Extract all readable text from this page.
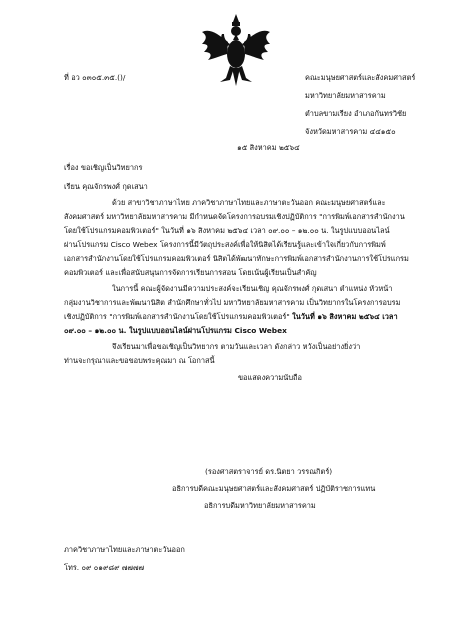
ที่ อว ๐๓๐๕.๓๕.()/	คณะมนุษยศาสตร์และสังคมศาสตร์
มหาวิทยาลัยมหาสารคาม
ตำบลขามเรียง อำเภอกันทรวิชัย
จังหวัดมหาสารคาม ๔๔๑๕๐
๑๕ สิงหาคม ๒๕๖๔
เรื่อง ขอเชิญเป็นวิทยากร
เรียน คุณจักรพงศ์ กุดเสนา
ด้วย สาขาวิชาภาษาไทย ภาควิชาภาษาไทยและภาษาตะวันออก คณะมนุษยศาสตร์และ
สังคมศาสตร์ มหาวิทยาลัยมหาสารคาม มีกำหนดจัดโครงการอบรมเชิงปฏิบัติการ "การพิมพ์เอกสารสำนักงาน
โดยใช้โปรแกรมคอมพิวเตอร์" ในวันที่ ๑๖ สิงหาคม ๒๕๖๔ เวลา ๐๙.๐๐ – ๑๒.๐๐ น. ในรูปแบบออนไลน์
ผ่านโปรแกรม Cisco Webex โครงการนี้มีวัตถุประสงค์เพื่อให้นิสิตได้เรียนรู้และเข้าใจเกี่ยวกับการพิมพ์
เอกสารสำนักงานโดยใช้โปรแกรมคอมพิวเตอร์ นิสิตได้พัฒนาทักษะการพิมพ์เอกสารสำนักงานการใช้โปรแกรม
คอมพิวเตอร์ และเพื่อสนับสนุนการจัดการเรียนการสอน โดยเน้นผู้เรียนเป็นสำคัญ
ในการนี้ คณะผู้จัดงานมีความประสงค์จะเรียนเชิญ คุณจักรพงศ์ กุดเสนา ตำแหน่ง หัวหน้า
กลุ่มงานวิชาการและพัฒนานิสิต สำนักศึกษาทั่วไป มหาวิทยาลัยมหาสารคาม เป็นวิทยากรในโครงการอบรม
เชิงปฏิบัติการ "การพิมพ์เอกสารสำนักงานโดยใช้โปรแกรมคอมพิวเตอร์" ในวันที่ ๑๖ สิงหาคม ๒๕๖๔ เวลา
๐๙.๐๐ – ๑๒.๐๐ น. ในรูปแบบออนไลน์ผ่านโปรแกรม Cisco Webex
จึงเรียนมาเพื่อขอเชิญเป็นวิทยากร ตามวันและเวลา ดังกล่าว หวังเป็นอย่างยิ่งว่า
ท่านจะกรุณาและขอขอบพระคุณมา ณ โอกาสนี้
ขอแสดงความนับถือ
(รองศาสตราจารย์ ดร.นิตยา วรรณกิตร์)
อธิการบดีคณะมนุษยศาสตร์และสังคมศาสตร์ ปฏิบัติราชการแทน
อธิการบดีมหาวิทยาลัยมหาสารคาม
ภาควิชาภาษาไทยและภาษาตะวันออก
โทร. ๐๙ ๐๑๙๘๙ ๗๗๗๗
